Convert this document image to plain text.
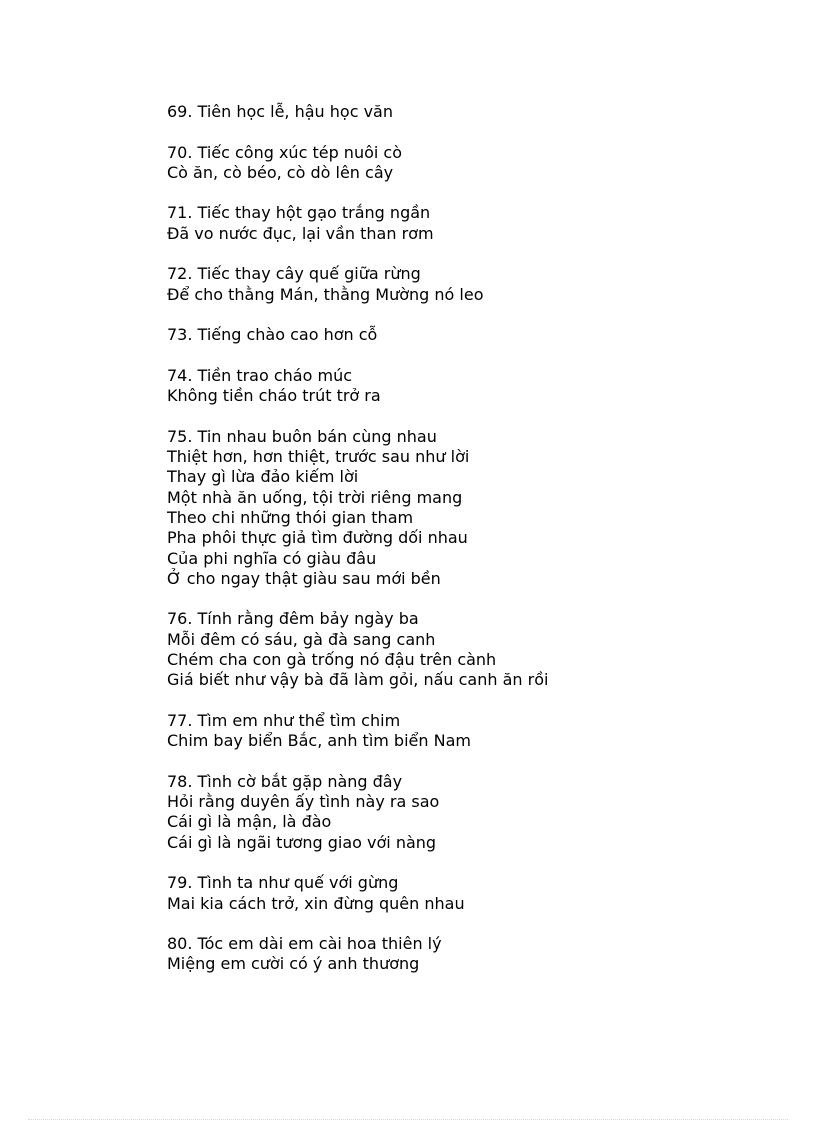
69. Tiên học lễ, hậu học văn
70. Tiếc công xúc tép nuôi cò
Cò ăn, cò béo, cò dò lên cây
71. Tiếc thay hột gạo trắng ngần
Đã vo nước đục, lại vần than rơm
72. Tiếc thay cây quế giữa rừng
Để cho thằng Mán, thằng Mường nó leo
73. Tiếng chào cao hơn cỗ
74. Tiền trao cháo múc
Không tiền cháo trút trở ra
75. Tin nhau buôn bán cùng nhau
Thiệt hơn, hơn thiệt, trước sau như lời
Thay gì lừa đảo kiếm lời
Một nhà ăn uống, tội trời riêng mang
Theo chi những thói gian tham
Pha phôi thực giả tìm đường dối nhau
Của phi nghĩa có giàu đâu
Ở cho ngay thật giàu sau mới bền
76. Tính rằng đêm bảy ngày ba
Mỗi đêm có sáu, gà đà sang canh
Chém cha con gà trống nó đậu trên cành
Giá biết như vậy bà đã làm gỏi, nấu canh ăn rồi
77. Tìm em như thể tìm chim
Chim bay biển Bắc, anh tìm biển Nam
78. Tình cờ bắt gặp nàng đây
Hỏi rằng duyên ấy tình này ra sao
Cái gì là mận, là đào
Cái gì là ngãi tương giao với nàng
79. Tình ta như quế với gừng
Mai kia cách trở, xin đừng quên nhau
80. Tóc em dài em cài hoa thiên lý
Miệng em cười có ý anh thương
